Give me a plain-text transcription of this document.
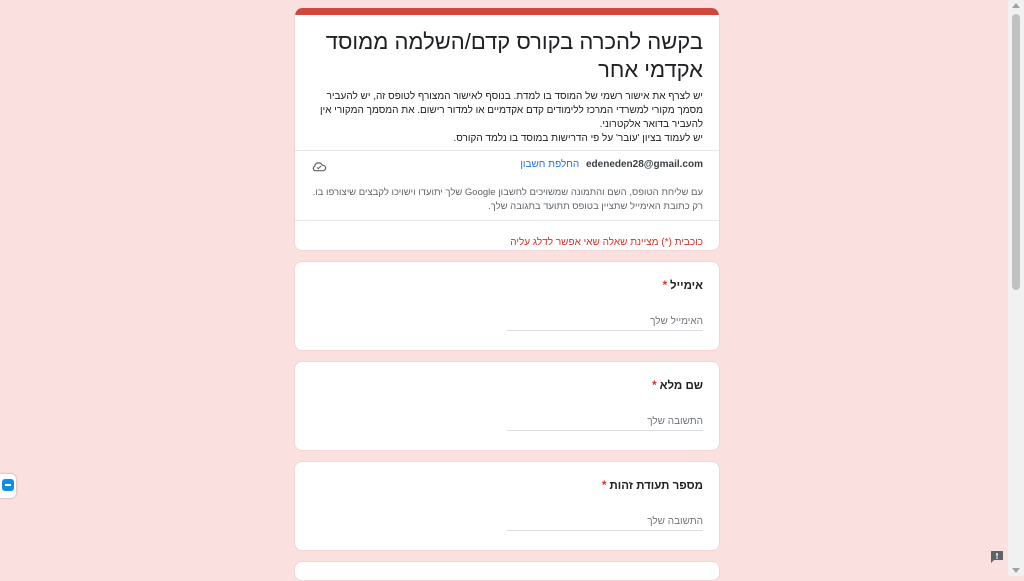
בקשה להכרה בקורס קדם/השלמה ממוסד אקדמי אחר
יש לצרף את אישור רשמי של המוסד בו למדת. בנוסף לאישור המצורף לטופס זה, יש להעביר מסמך מקורי למשרדי המרכז ללימודים קדם אקדמיים או למדור רישום. את המסמך המקורי אין להעביר בדואר אלקטרוני.
יש לעמוד בציון 'עובר' על פי הדרישות במוסד בו נלמד הקורס.
edeneden28@gmail.com החלפת חשבון
עם שליחת הטופס, השם והתמונה שמשויכים לחשבון Google שלך יתועדו וישויכו לקבצים שיצורפו בו. רק כתובת האימייל שתציין בטופס תתועד בתגובה שלך.
כוכבית (*) מציינת שאלה שאי אפשר לדלג עליה
אימייל*
האימייל שלך
שם מלא*
התשובה שלך
מספר תעודת זהות*
התשובה שלך
